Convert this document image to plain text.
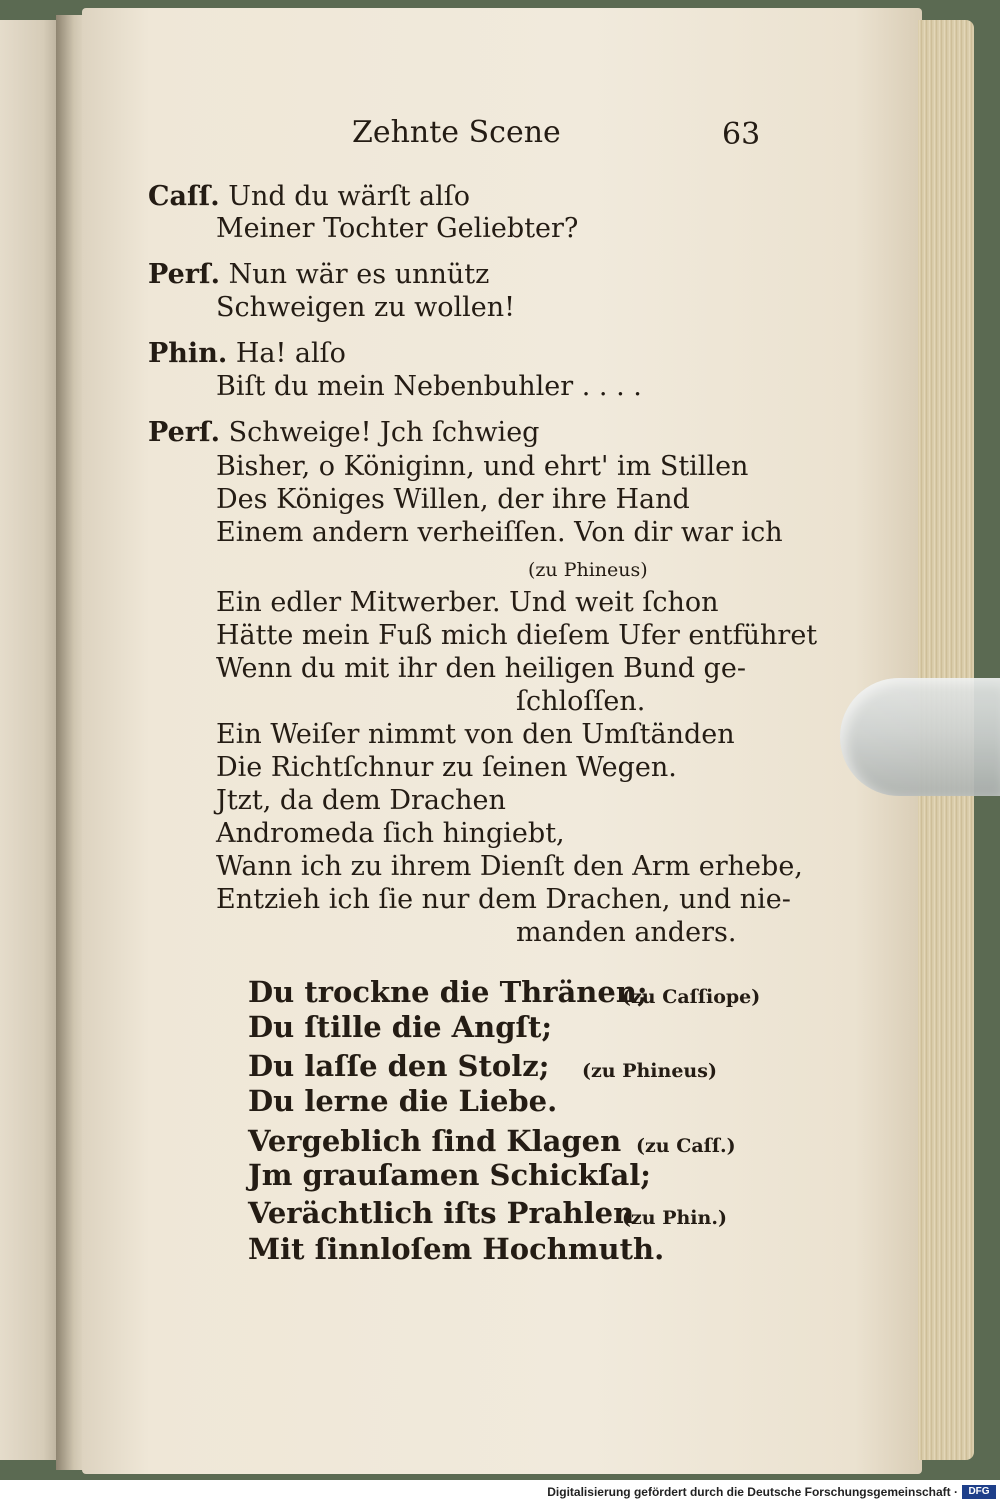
Zehnte Scene	63
Caſſ. Und du wärſt alſo
Meiner Tochter Geliebter?
Perſ. Nun wär es unnütz
Schweigen zu wollen!
Phin. Ha! alſo
Biſt du mein Nebenbuhler . . . .
Perſ. Schweige! Jch ſchwieg
Bisher, o Königinn, und ehrt' im Stillen
Des Königes Willen, der ihre Hand
Einem andern verheiſſen. Von dir war ich
(zu Phineus)
Ein edler Mitwerber. Und weit ſchon
Hätte mein Fuß mich dieſem Ufer entführet
Wenn du mit ihr den heiligen Bund ge-
ſchloſſen.
Ein Weiſer nimmt von den Umſtänden
Die Richtſchnur zu ſeinen Wegen.
Jtzt, da dem Drachen
Andromeda ſich hingiebt,
Wann ich zu ihrem Dienſt den Arm erhebe,
Entzieh ich ſie nur dem Drachen, und nie-
manden anders.
Du trockne die Thränen;
(zu Caſſiope)
Du ſtille die Angſt;
Du laſſe den Stolz; (zu Phineus)
Du lerne die Liebe.
Vergeblich ſind Klagen (zu Caſſ.)
Jm grauſamen Schickſal;
Verächtlich iſts Prahlen
(zu Phin.)
Mit ſinnloſem Hochmuth.
Digitalisierung gefördert durch die Deutsche Forschungsgemeinschaft ·	DFG
